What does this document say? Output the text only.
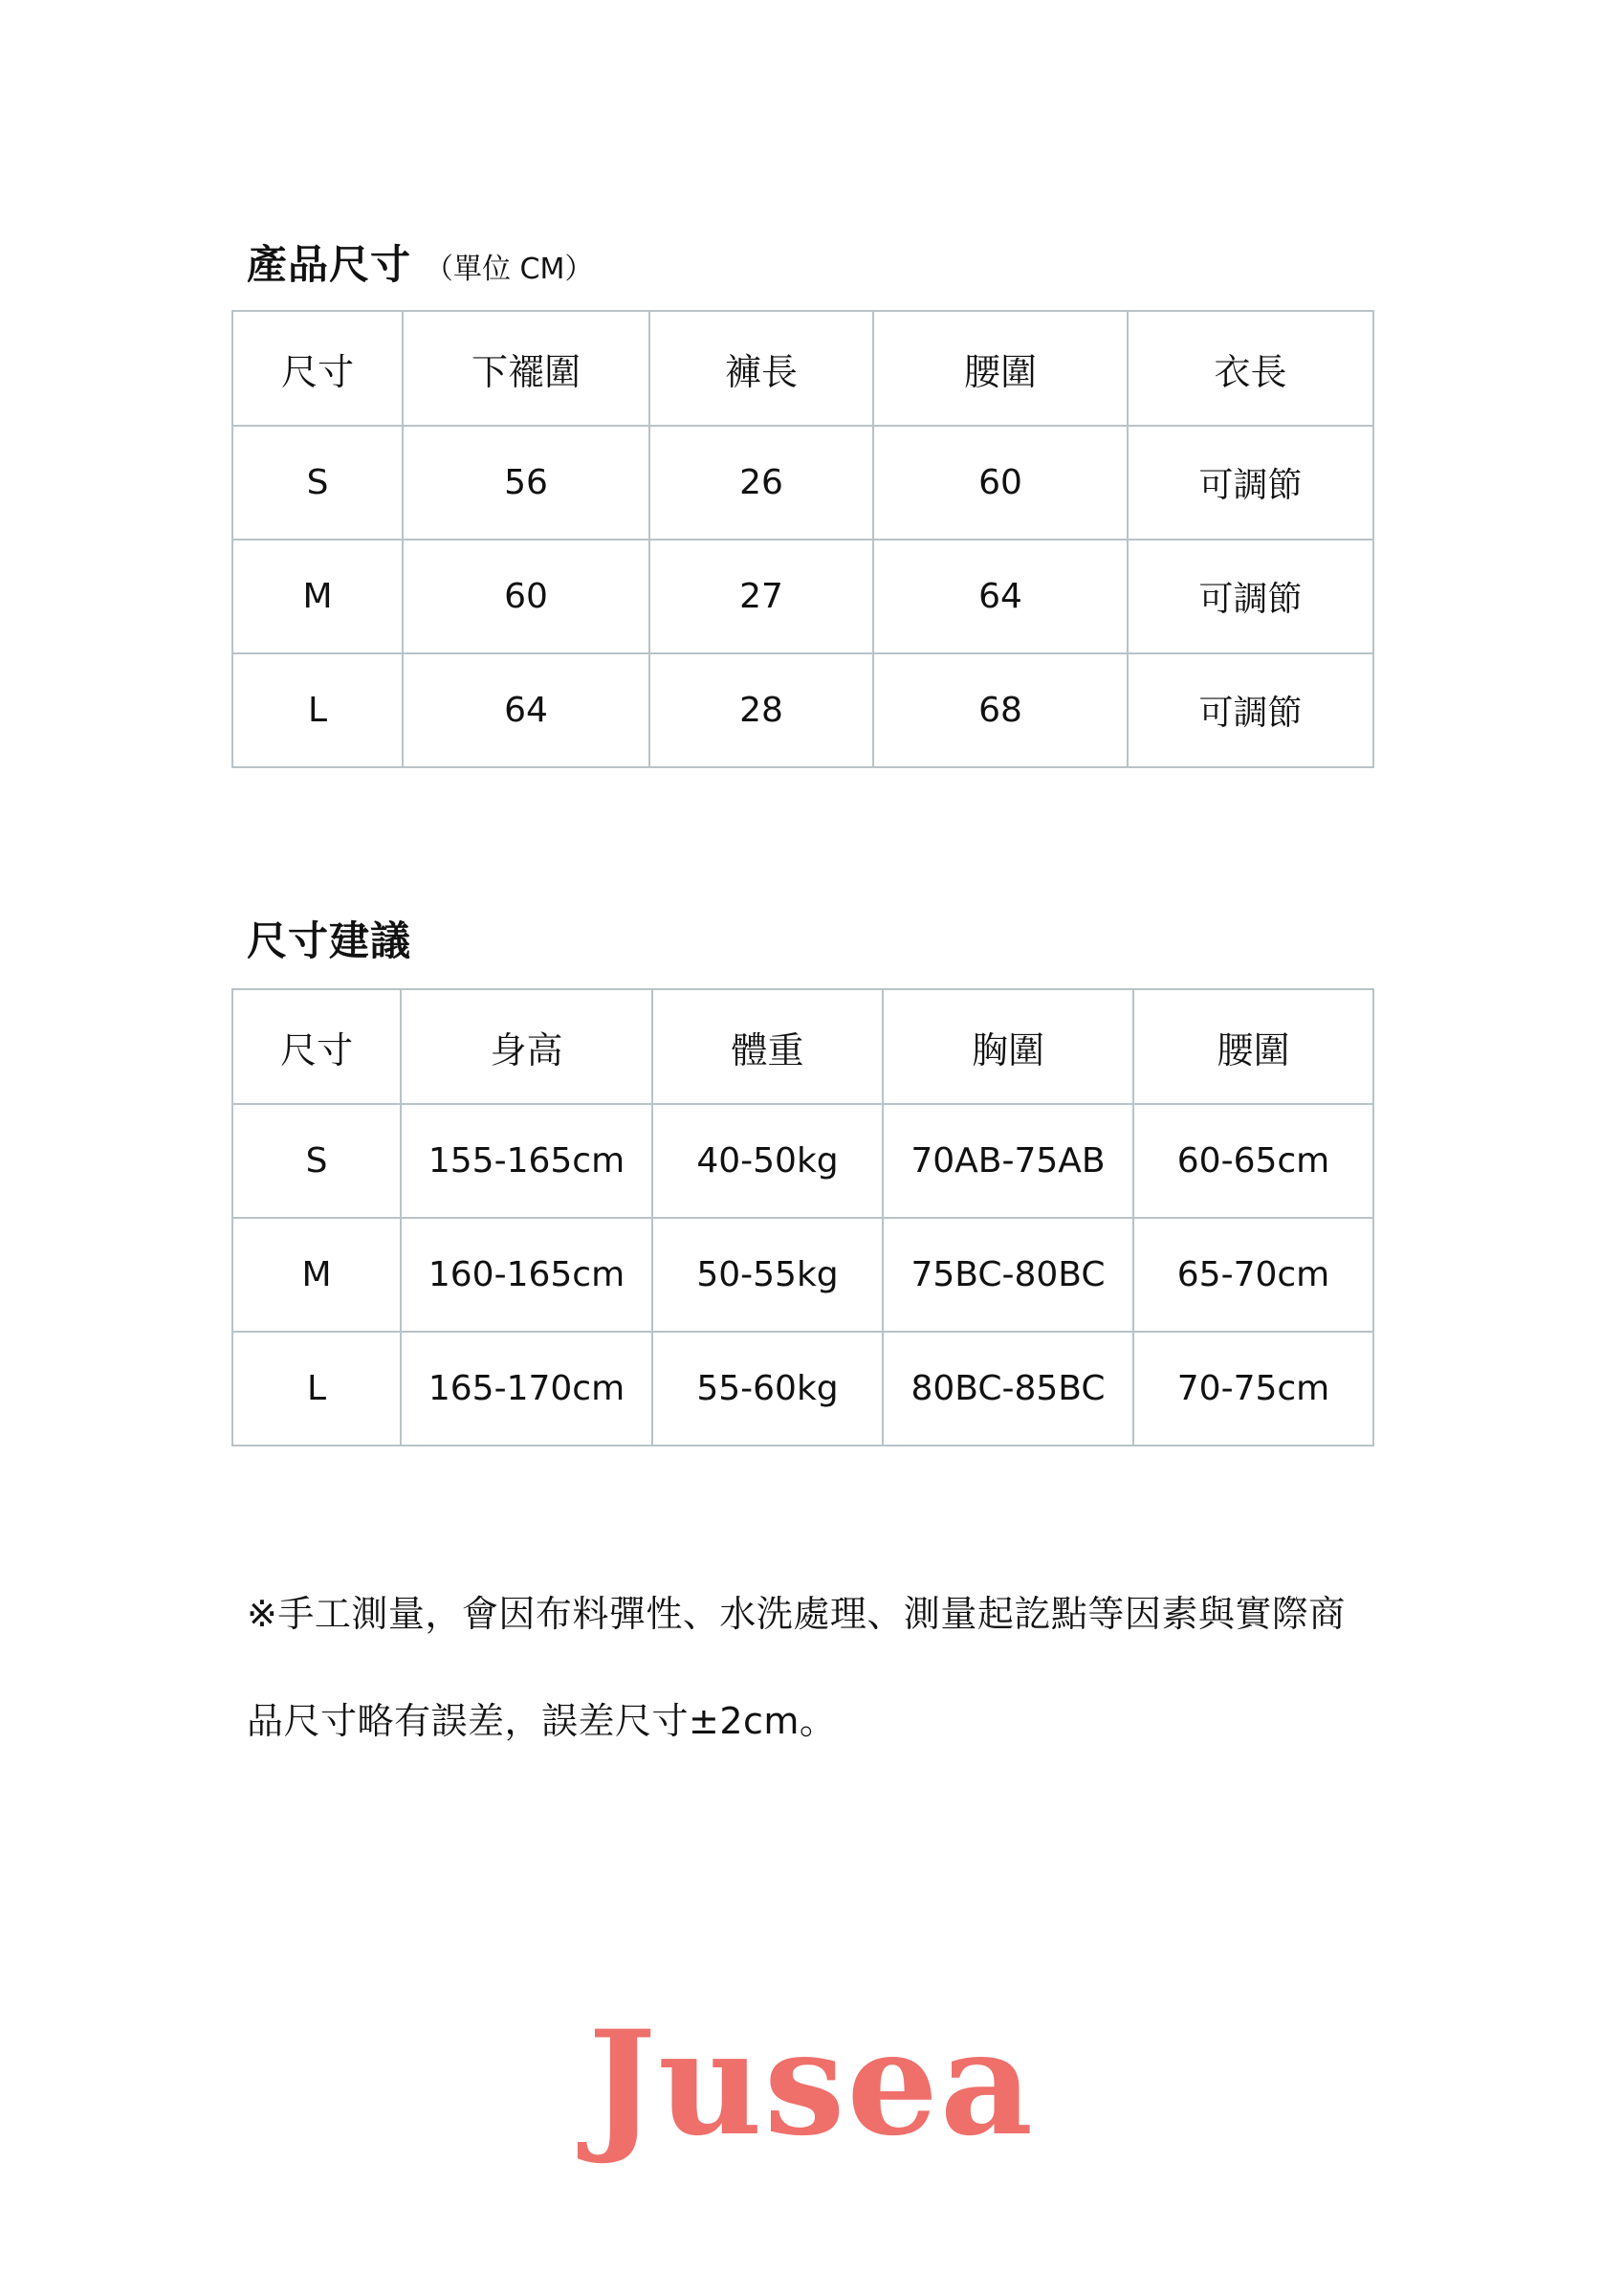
產品尺寸 （單位 CM）
尺寸	下襬圍	褲長	腰圍	衣長
S	56	26	60	可調節
M	60	27	64	可調節
L	64	28	68	可調節
尺寸建議
尺寸	身高	體重	胸圍	腰圍
S	155-165cm	40-50kg	70AB-75AB	60-65cm
M	160-165cm	50-55kg	75BC-80BC	65-70cm
L	165-170cm	55-60kg	80BC-85BC	70-75cm
※手工測量，會因布料彈性、水洗處理、測量起訖點等因素與實際商
品尺寸略有誤差，誤差尺寸±2cm。
Jusea
